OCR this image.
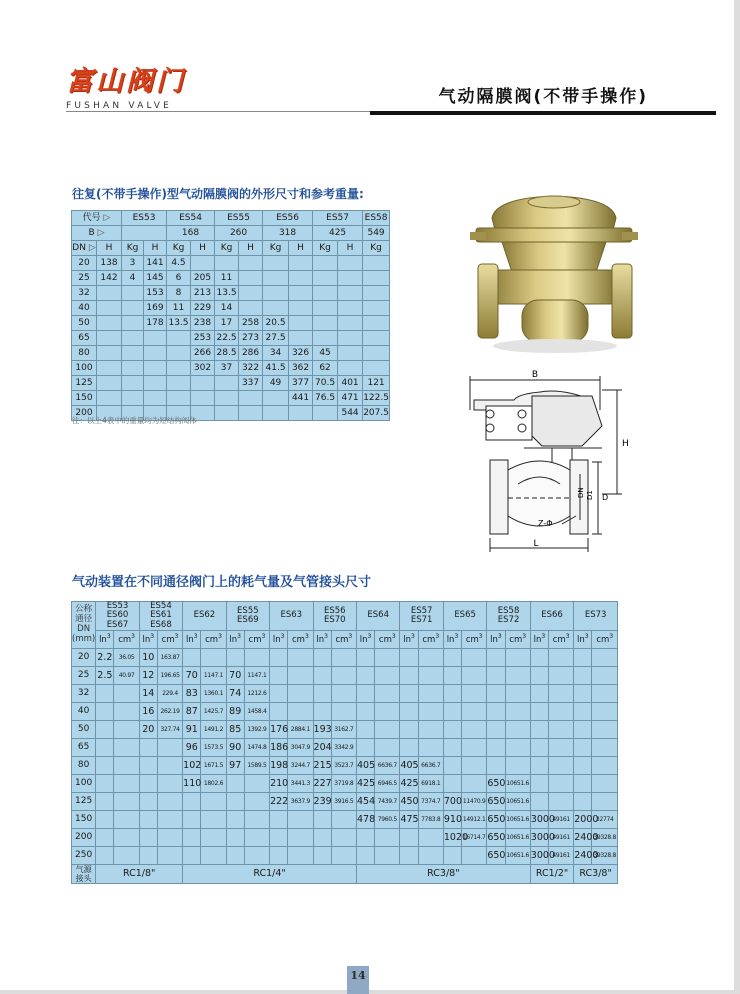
富山阀门
FUSHAN VALVE	气动隔膜阀(不带手操作)
往复(不带手操作)型气动隔膜阀的外形尺寸和参考重量:
代号 ▷		ES53		ES54		ES55		ES56		ES57		ES58
B ▷				168		260		318		425		549
DN ▷	H	Kg	H	Kg	H	Kg	H	Kg	H	Kg	H	Kg
20	138	3	141	4.5								
25	142	4	145	6	205	11						
32			153	8	213	13.5						
40			169	11	229	14						
50			178	13.5	238	17	258	20.5				
65					253	22.5	273	27.5				
80					266	28.5	286	34	326	45		
100					302	37	322	41.5	362	62		
125							337	49	377	70.5	401	121
150									441	76.5	471	122.5
200											544	207.5
注：以上4表中的重量均为短结构阀体
B
H
DN D1 D
Z-Φ
L
气动装置在不同通径阀门上的耗气量及气管接头尺寸
公称
通径
DN
(mm)	ES53
ES60
ES67		ES54
ES61
ES68		ES62		ES55
ES69		ES63		ES56
ES70		ES64		ES57
ES71		ES65		ES58
ES72		ES66		ES73	
	$\ln^3$	$cm^3$	$\ln^3$	$cm^3$	$\ln^3$	$cm^3$	$\ln^3$	$cm^3$	$\ln^3$	$cm^3$	$\ln^3$	$cm^3$	$\ln^3$	$cm^3$	$\ln^3$	$cm^3$	$\ln^3$	$cm^3$	$\ln^3$	$cm^3$	$\ln^3$	$cm^3$	$\ln^3$	$cm^3$
20	2.2	36.05	10	163.87																				
25	2.5	40.97	12	196.65	70	1147.1	70	1147.1																
32			14	229.4	83	1360.1	74	1212.6																
40			16	262.19	87	1425.7	89	1458.4																
50			20	327.74	91	1491.2	85	1392.9	176	2884.1	193	3162.7												
65					96	1573.5	90	1474.8	186	3047.9	204	3342.9												
80					102	1671.5	97	1589.5	198	3244.7	215	3523.7	405	6636.7	405	6636.7								
100					110	1802.6			210	3441.3	227	3719.8	425	6946.5	425	6918.1			650	10651.6				
125									222	3637.9	239	3916.5	454	7439.7	450	7374.7	700	11470.9	650	10651.6				
150													478	7960.5	475	7783.8	910	14912.1	650	10651.6	3000	49161	2000	32774
200																	1020	16714.7	650	10651.6	3000	49161	2400	39328.8
250																			650	10651.6	3000	49161	2400	39328.8
气源
接头	RC1/8"				RC1/4"								RC3/8"								RC1/2"		RC3/8"	
14
